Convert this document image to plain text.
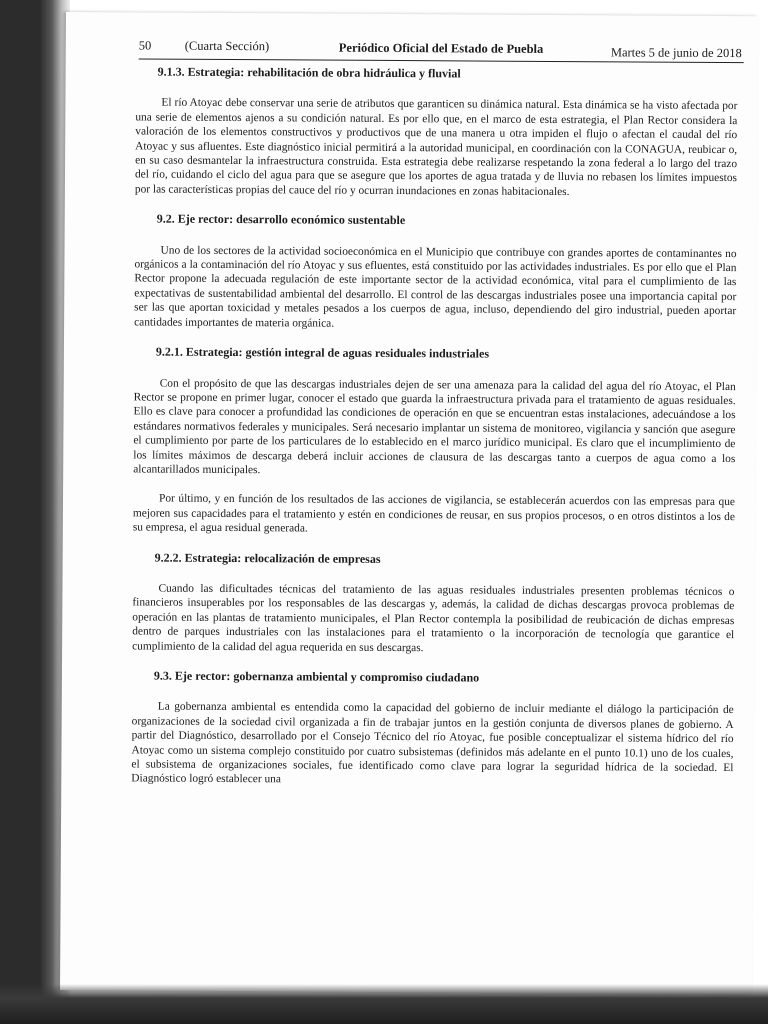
50	(Cuarta Sección)	Periódico Oficial del Estado de Puebla	Martes 5 de junio de 2018
9.1.3. Estrategia: rehabilitación de obra hidráulica y fluvial

El río Atoyac debe conservar una serie de atributos que garanticen su dinámica natural. Esta dinámica se ha visto afectada por una serie de elementos ajenos a su condición natural. Es por ello que, en el marco de esta estrategia, el Plan Rector considera la valoración de los elementos constructivos y productivos que de una manera u otra impiden el flujo o afectan el caudal del río Atoyac y sus afluentes. Este diagnóstico inicial permitirá a la autoridad municipal, en coordinación con la CONAGUA, reubicar o, en su caso desmantelar la infraestructura construida. Esta estrategia debe realizarse respetando la zona federal a lo largo del trazo del río, cuidando el ciclo del agua para que se asegure que los aportes de agua tratada y de lluvia no rebasen los límites impuestos por las características propias del cauce del río y ocurran inundaciones en zonas habitacionales.

9.2. Eje rector: desarrollo económico sustentable

Uno de los sectores de la actividad socioeconómica en el Municipio que contribuye con grandes aportes de contaminantes no orgánicos a la contaminación del río Atoyac y sus efluentes, está constituido por las actividades industriales. Es por ello que el Plan Rector propone la adecuada regulación de este importante sector de la actividad económica, vital para el cumplimiento de las expectativas de sustentabilidad ambiental del desarrollo. El control de las descargas industriales posee una importancia capital por ser las que aportan toxicidad y metales pesados a los cuerpos de agua, incluso, dependiendo del giro industrial, pueden aportar cantidades importantes de materia orgánica.

9.2.1. Estrategia: gestión integral de aguas residuales industriales

Con el propósito de que las descargas industriales dejen de ser una amenaza para la calidad del agua del río Atoyac, el Plan Rector se propone en primer lugar, conocer el estado que guarda la infraestructura privada para el tratamiento de aguas residuales. Ello es clave para conocer a profundidad las condiciones de operación en que se encuentran estas instalaciones, adecuándose a los estándares normativos federales y municipales. Será necesario implantar un sistema de monitoreo, vigilancia y sanción que asegure el cumplimiento por parte de los particulares de lo establecido en el marco jurídico municipal. Es claro que el incumplimiento de los límites máximos de descarga deberá incluir acciones de clausura de las descargas tanto a cuerpos de agua como a los alcantarillados municipales.

Por último, y en función de los resultados de las acciones de vigilancia, se establecerán acuerdos con las empresas para que mejoren sus capacidades para el tratamiento y estén en condiciones de reusar, en sus propios procesos, o en otros distintos a los de su empresa, el agua residual generada.

9.2.2. Estrategia: relocalización de empresas

Cuando las dificultades técnicas del tratamiento de las aguas residuales industriales presenten problemas técnicos o financieros insuperables por los responsables de las descargas y, además, la calidad de dichas descargas provoca problemas de operación en las plantas de tratamiento municipales, el Plan Rector contempla la posibilidad de reubicación de dichas empresas dentro de parques industriales con las instalaciones para el tratamiento o la incorporación de tecnología que garantice el cumplimiento de la calidad del agua requerida en sus descargas.

9.3. Eje rector: gobernanza ambiental y compromiso ciudadano

La gobernanza ambiental es entendida como la capacidad del gobierno de incluir mediante el diálogo la participación de organizaciones de la sociedad civil organizada a fin de trabajar juntos en la gestión conjunta de diversos planes de gobierno. A partir del Diagnóstico, desarrollado por el Consejo Técnico del río Atoyac, fue posible conceptualizar el sistema hídrico del río Atoyac como un sistema complejo constituido por cuatro subsistemas (definidos más adelante en el punto 10.1) uno de los cuales, el subsistema de organizaciones sociales, fue identificado como clave para lograr la seguridad hídrica de la sociedad. El Diagnóstico logró establecer una
